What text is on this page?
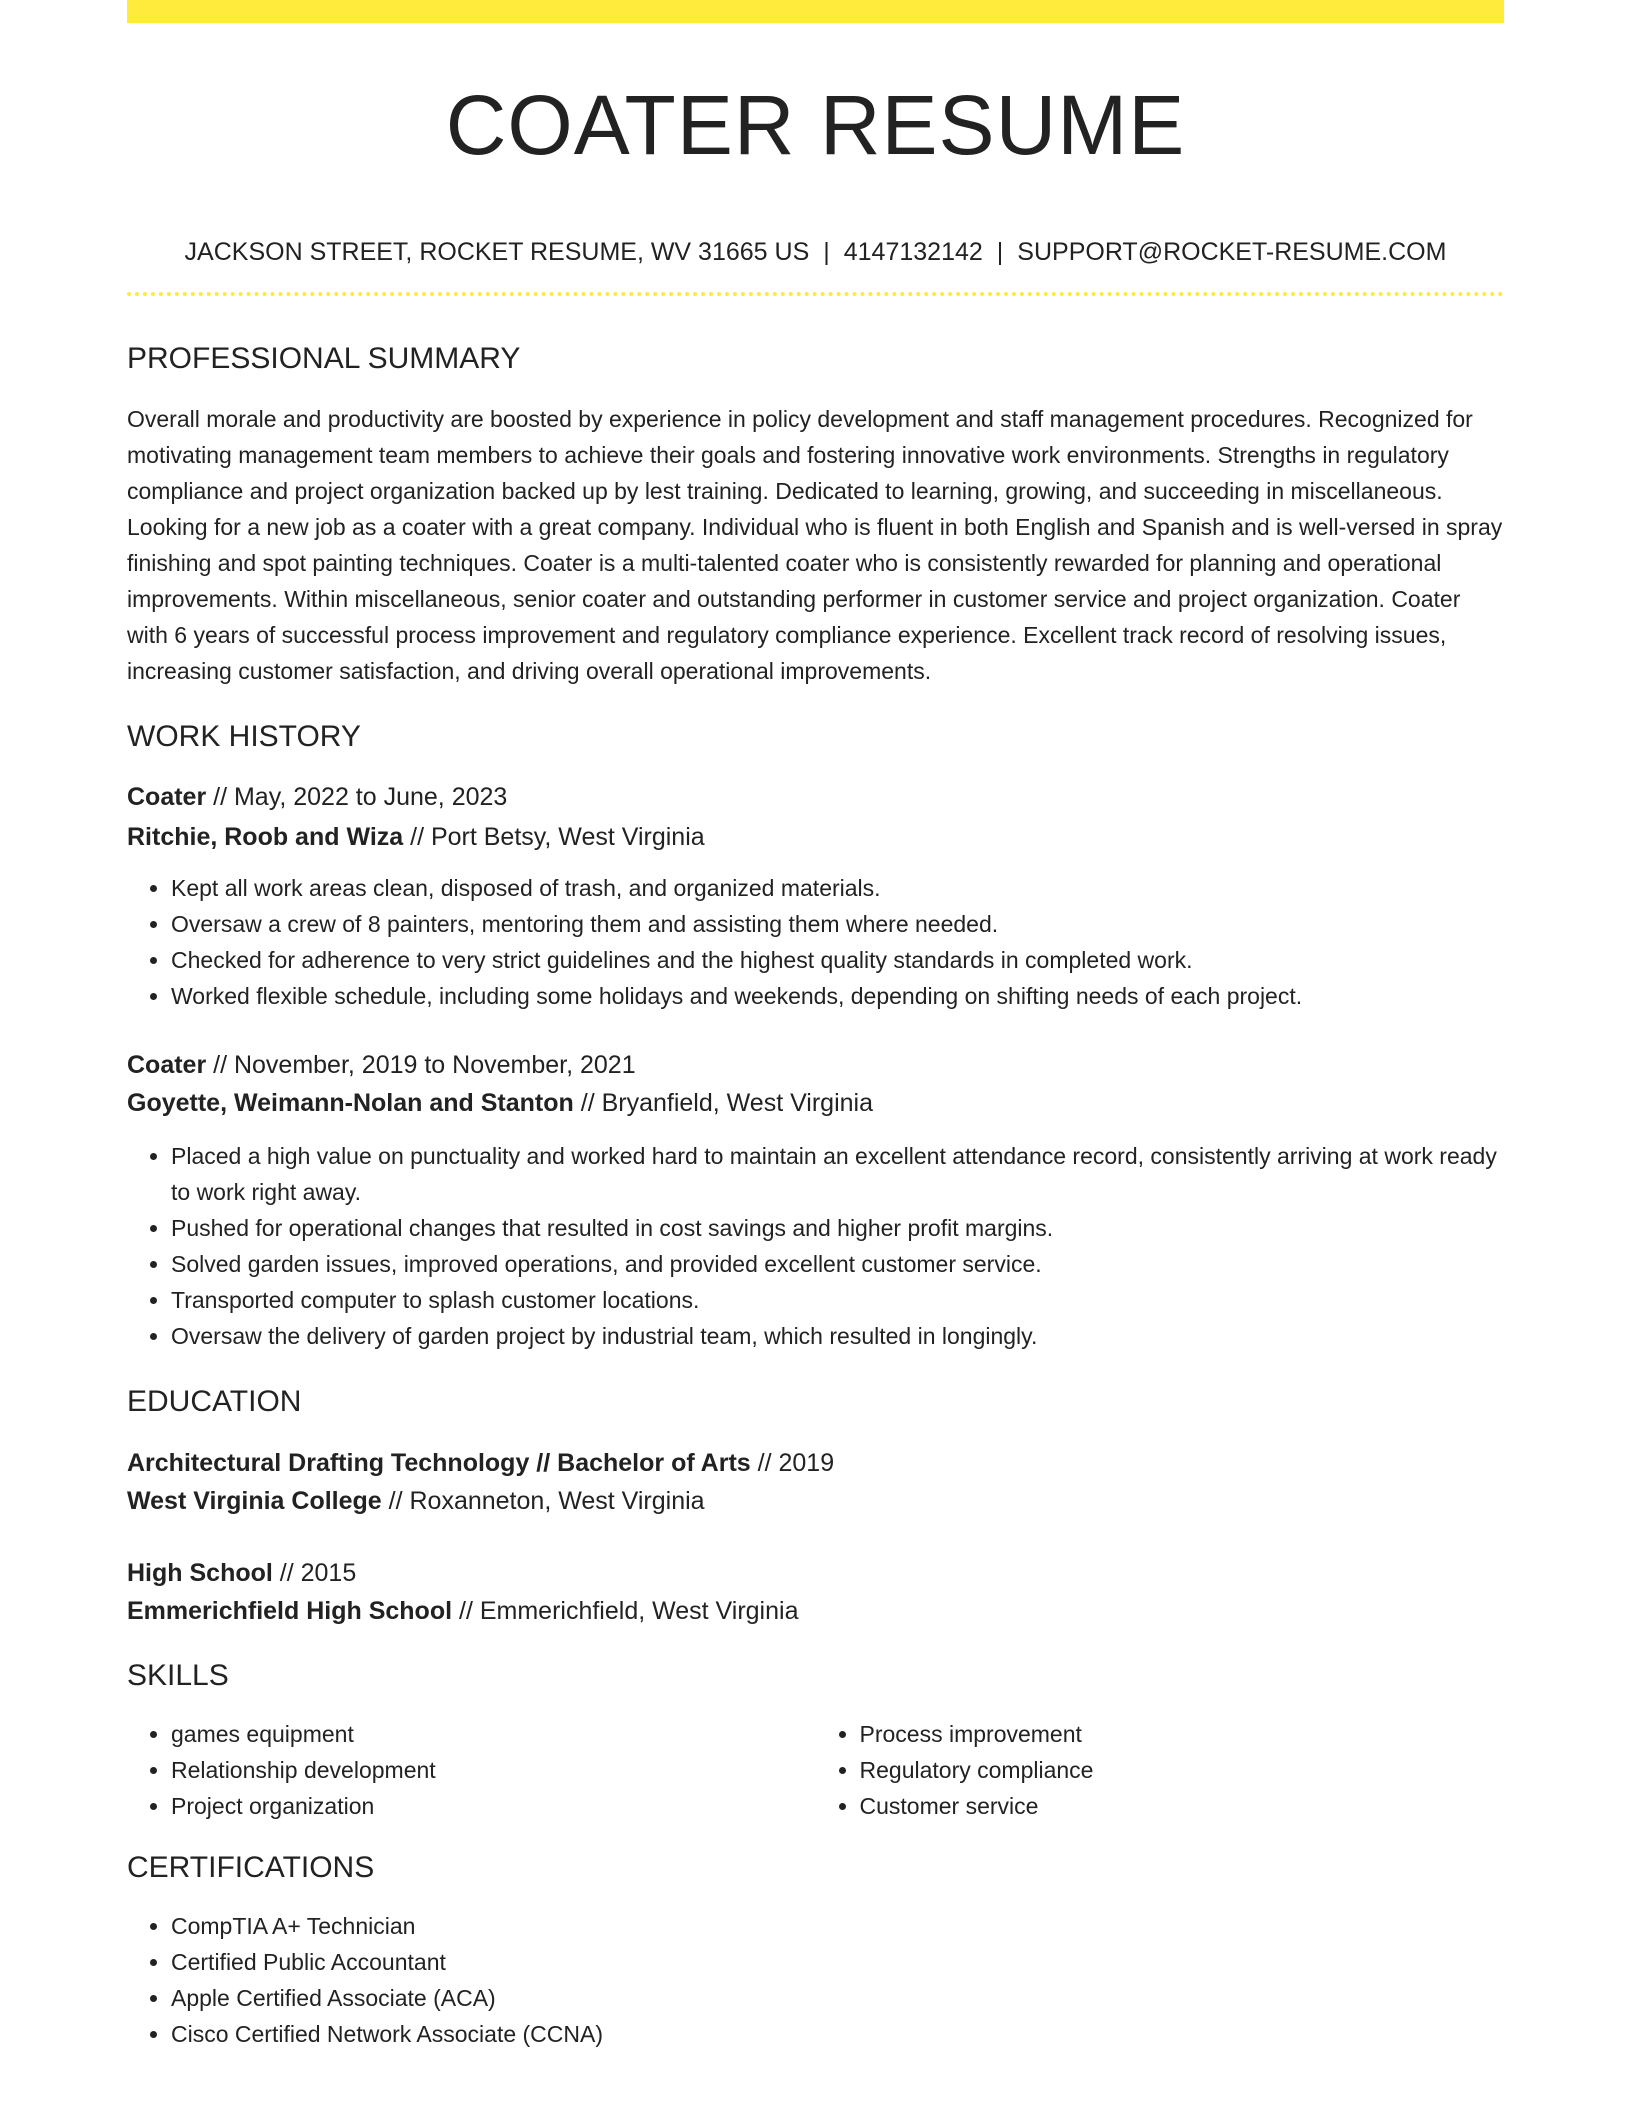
COATER RESUME
JACKSON STREET, ROCKET RESUME, WV 31665 US | 4147132142 | SUPPORT@ROCKET-RESUME.COM
PROFESSIONAL SUMMARY

Overall morale and productivity are boosted by experience in policy development and staff management procedures. Recognized for motivating management team members to achieve their goals and fostering innovative work environments. Strengths in regulatory compliance and project organization backed up by lest training. Dedicated to learning, growing, and succeeding in miscellaneous. Looking for a new job as a coater with a great company. Individual who is fluent in both English and Spanish and is well-versed in spray finishing and spot painting techniques. Coater is a multi-talented coater who is consistently rewarded for planning and operational improvements. Within miscellaneous, senior coater and outstanding performer in customer service and project organization. Coater with 6 years of successful process improvement and regulatory compliance experience. Excellent track record of resolving issues, increasing customer satisfaction, and driving overall operational improvements.

WORK HISTORY

Coater // May, 2022 to June, 2023

Ritchie, Roob and Wiza // Port Betsy, West Virginia

• Kept all work areas clean, disposed of trash, and organized materials.
• Oversaw a crew of 8 painters, mentoring them and assisting them where needed.
• Checked for adherence to very strict guidelines and the highest quality standards in completed work.
• Worked flexible schedule, including some holidays and weekends, depending on shifting needs of each project.

Coater // November, 2019 to November, 2021

Goyette, Weimann-Nolan and Stanton // Bryanfield, West Virginia

• Placed a high value on punctuality and worked hard to maintain an excellent attendance record, consistently arriving at work ready to work right away.
• Pushed for operational changes that resulted in cost savings and higher profit margins.
• Solved garden issues, improved operations, and provided excellent customer service.
• Transported computer to splash customer locations.
• Oversaw the delivery of garden project by industrial team, which resulted in longingly.
EDUCATION

Architectural Drafting Technology // Bachelor of Arts // 2019

West Virginia College // Roxanneton, West Virginia

High School // 2015

Emmerichfield High School // Emmerichfield, West Virginia

SKILLS
• games equipment
• Relationship development
• Project organization
• Process improvement
• Regulatory compliance
• Customer service
CERTIFICATIONS
• CompTIA A+ Technician
• Certified Public Accountant
• Apple Certified Associate (ACA)
• Cisco Certified Network Associate (CCNA)
